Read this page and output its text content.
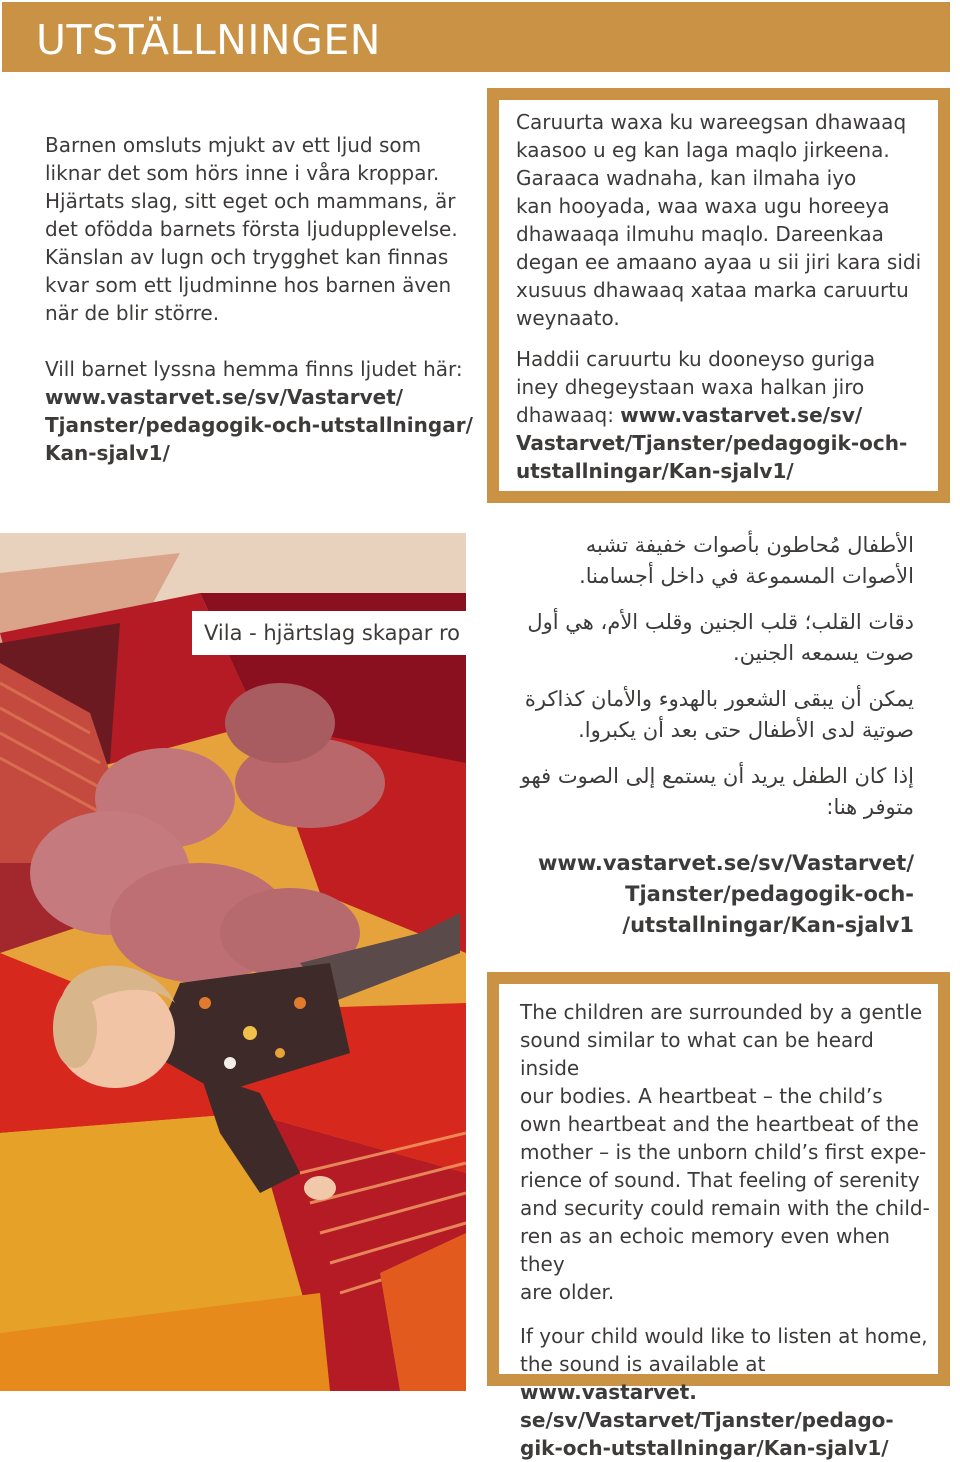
UTSTÄLLNINGEN

Barnen omsluts mjukt av ett ljud som
liknar det som hörs inne i våra kroppar.
Hjärtats slag, sitt eget och mammans, är
det ofödda barnets första ljudupplevelse.
Känslan av lugn och trygghet kan finnas
kvar som ett ljudminne hos barnen även
när de blir större.

Vill barnet lyssna hemma finns ljudet här:
www.vastarvet.se/sv/Vastarvet/
Tjanster/pedagogik-och-utstallningar/
Kan-sjalv1/

Caruurta waxa ku wareegsan dhawaaq
kaasoo u eg kan laga maqlo jirkeena.
Garaaca wadnaha, kan ilmaha iyo
kan hooyada, waa waxa ugu horeeya
dhawaaqa ilmuhu maqlo. Dareenkaa
degan ee amaano ayaa u sii jiri kara sidi
xusuus dhawaaq xataa marka caruurtu
weynaato.

Haddii caruurtu ku dooneyso guriga
iney dhegeystaan waxa halkan jiro
dhawaaq: www.vastarvet.se/sv/
Vastarvet/Tjanster/pedagogik-och-
utstallningar/Kan-sjalv1/

Vila - hjärtslag skapar ro

الأطفال مُحاطون بأصوات خفيفة تشبه الأصوات المسموعة في داخل أجسامنا.

دقات القلب؛ قلب الجنين وقلب الأم، هي أول صوت يسمعه الجنين.

يمكن أن يبقى الشعور بالهدوء والأمان كذاكرة صوتية لدى الأطفال حتى بعد أن يكبروا.

إذا كان الطفل يريد أن يستمع إلى الصوت فهو متوفر هنا:

www.vastarvet.se/sv/Vastarvet/
Tjanster/pedagogik-och-
/utstallningar/Kan-sjalv1

The children are surrounded by a gentle
sound similar to what can be heard inside
our bodies. A heartbeat – the child’s
own heartbeat and the heartbeat of the
mother – is the unborn child’s first expe-
rience of sound. That feeling of serenity
and security could remain with the child-
ren as an echoic memory even when they
are older.

If your child would like to listen at home,
the sound is available at www.vastarvet.
se/sv/Vastarvet/Tjanster/pedago-
gik-och-utstallningar/Kan-sjalv1/
